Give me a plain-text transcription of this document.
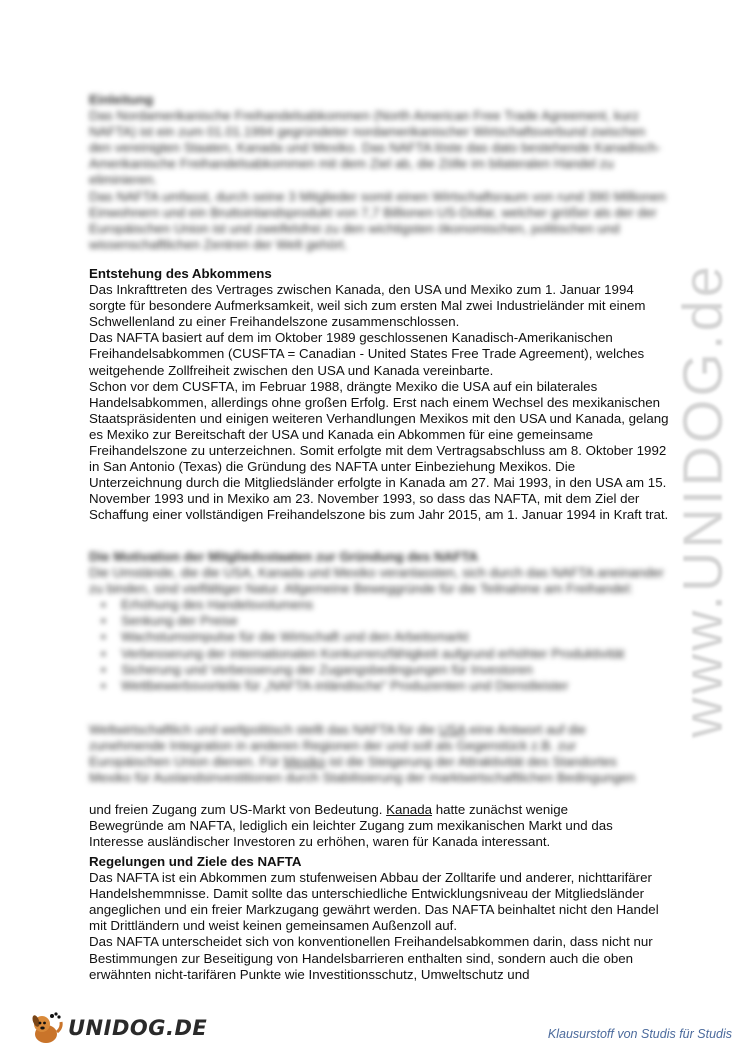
Einleitung

Das Nordamerikanische Freihandelsabkommen (North American Free Trade Agreement, kurz NAFTA) ist ein zum 01.01.1994 gegründeter nordamerikanischer Wirtschaftsverbund zwischen den vereinigten Staaten, Kanada und Mexiko. Das NAFTA löste das dato bestehende Kanadisch-Amerikanische Freihandelsabkommen mit dem Ziel ab, die Zölle im bilateralen Handel zu eliminieren.

Das NAFTA umfasst, durch seine 3 Mitglieder somit einen Wirtschaftsraum von rund 390 Millionen Einwohnern und ein Bruttoinlandsprodukt von 7,7 Billionen US-Dollar, welcher größer als der der Europäischen Union ist und zweifelsfrei zu den wichtigsten ökonomischen, politischen und wissenschaftlichen Zentren der Welt gehört.

Entstehung des Abkommens

Das Inkrafttreten des Vertrages zwischen Kanada, den USA und Mexiko zum 1. Januar 1994 sorgte für besondere Aufmerksamkeit, weil sich zum ersten Mal zwei Industrieländer mit einem Schwellenland zu einer Freihandelszone zusammenschlossen.

Das NAFTA basiert auf dem im Oktober 1989 geschlossenen Kanadisch-Amerikanischen Freihandelsabkommen (CUSFTA = Canadian - United States Free Trade Agreement), welches weitgehende Zollfreiheit zwischen den USA und Kanada vereinbarte.

Schon vor dem CUSFTA, im Februar 1988, drängte Mexiko die USA auf ein bilaterales Handelsabkommen, allerdings ohne großen Erfolg. Erst nach einem Wechsel des mexikanischen Staatspräsidenten und einigen weiteren Verhandlungen Mexikos mit den USA und Kanada, gelang es Mexiko zur Bereitschaft der USA und Kanada ein Abkommen für eine gemeinsame Freihandelszone zu unterzeichnen. Somit erfolgte mit dem Vertragsabschluss am 8. Oktober 1992 in San Antonio (Texas) die Gründung des NAFTA unter Einbeziehung Mexikos. Die Unterzeichnung durch die Mitgliedsländer erfolgte in Kanada am 27. Mai 1993, in den USA am 15. November 1993 und in Mexiko am 23. November 1993, so dass das NAFTA, mit dem Ziel der Schaffung einer vollständigen Freihandelszone bis zum Jahr 2015, am 1. Januar 1994 in Kraft trat.

Die Motivation der Mitgliedsstaaten zur Gründung des NAFTA

Die Umstände, die die USA, Kanada und Mexiko veranlassten, sich durch das NAFTA aneinander zu binden, sind vielfältiger Natur. Allgemeine Beweggründe für die Teilnahme am Freihandel:

▪ Erhöhung des Handelsvolumens
▪ Senkung der Preise
▪ Wachstumsimpulse für die Wirtschaft und den Arbeitsmarkt
▪ Verbesserung der internationalen Konkurrenzfähigkeit aufgrund erhöhter Produktivität
▪ Sicherung und Verbesserung der Zugangsbedingungen für Investoren
▪ Wettbewerbsvorteile für „NAFTA-inländische“ Produzenten und Dienstleister
Weltwirtschaftlich und weltpolitisch stellt das NAFTA für die USA eine Antwort auf die
zunehmende Integration in anderen Regionen der und soll als Gegenstück z.B. zur
Europäischen Union dienen. Für Mexiko ist die Steigerung der Attraktivität des Standortes
Mexiko für Auslandsinvestitionen durch Stabilisierung der marktwirtschaftlichen Bedingungen
und freien Zugang zum US-Markt von Bedeutung. Kanada hatte zunächst wenige
Bewegründe am NAFTA, lediglich ein leichter Zugang zum mexikanischen Markt und das Interesse ausländischer Investoren zu erhöhen, waren für Kanada interessant.
Regelungen und Ziele des NAFTA

Das NAFTA ist ein Abkommen zum stufenweisen Abbau der Zolltarife und anderer, nichttarifärer Handelshemmnisse. Damit sollte das unterschiedliche Entwicklungsniveau der Mitgliedsländer angeglichen und ein freier Markzugang gewährt werden. Das NAFTA beinhaltet nicht den Handel mit Drittländern und weist keinen gemeinsamen Außenzoll auf.

Das NAFTA unterscheidet sich von konventionellen Freihandelsabkommen darin, dass nicht nur Bestimmungen zur Beseitigung von Handelsbarrieren enthalten sind, sondern auch die oben erwähnten nicht-tarifären Punkte wie Investitionsschutz, Umweltschutz und

www.UNIDOG.de
UNIDOG.DE	Klausurstoff von Studis für Studis
